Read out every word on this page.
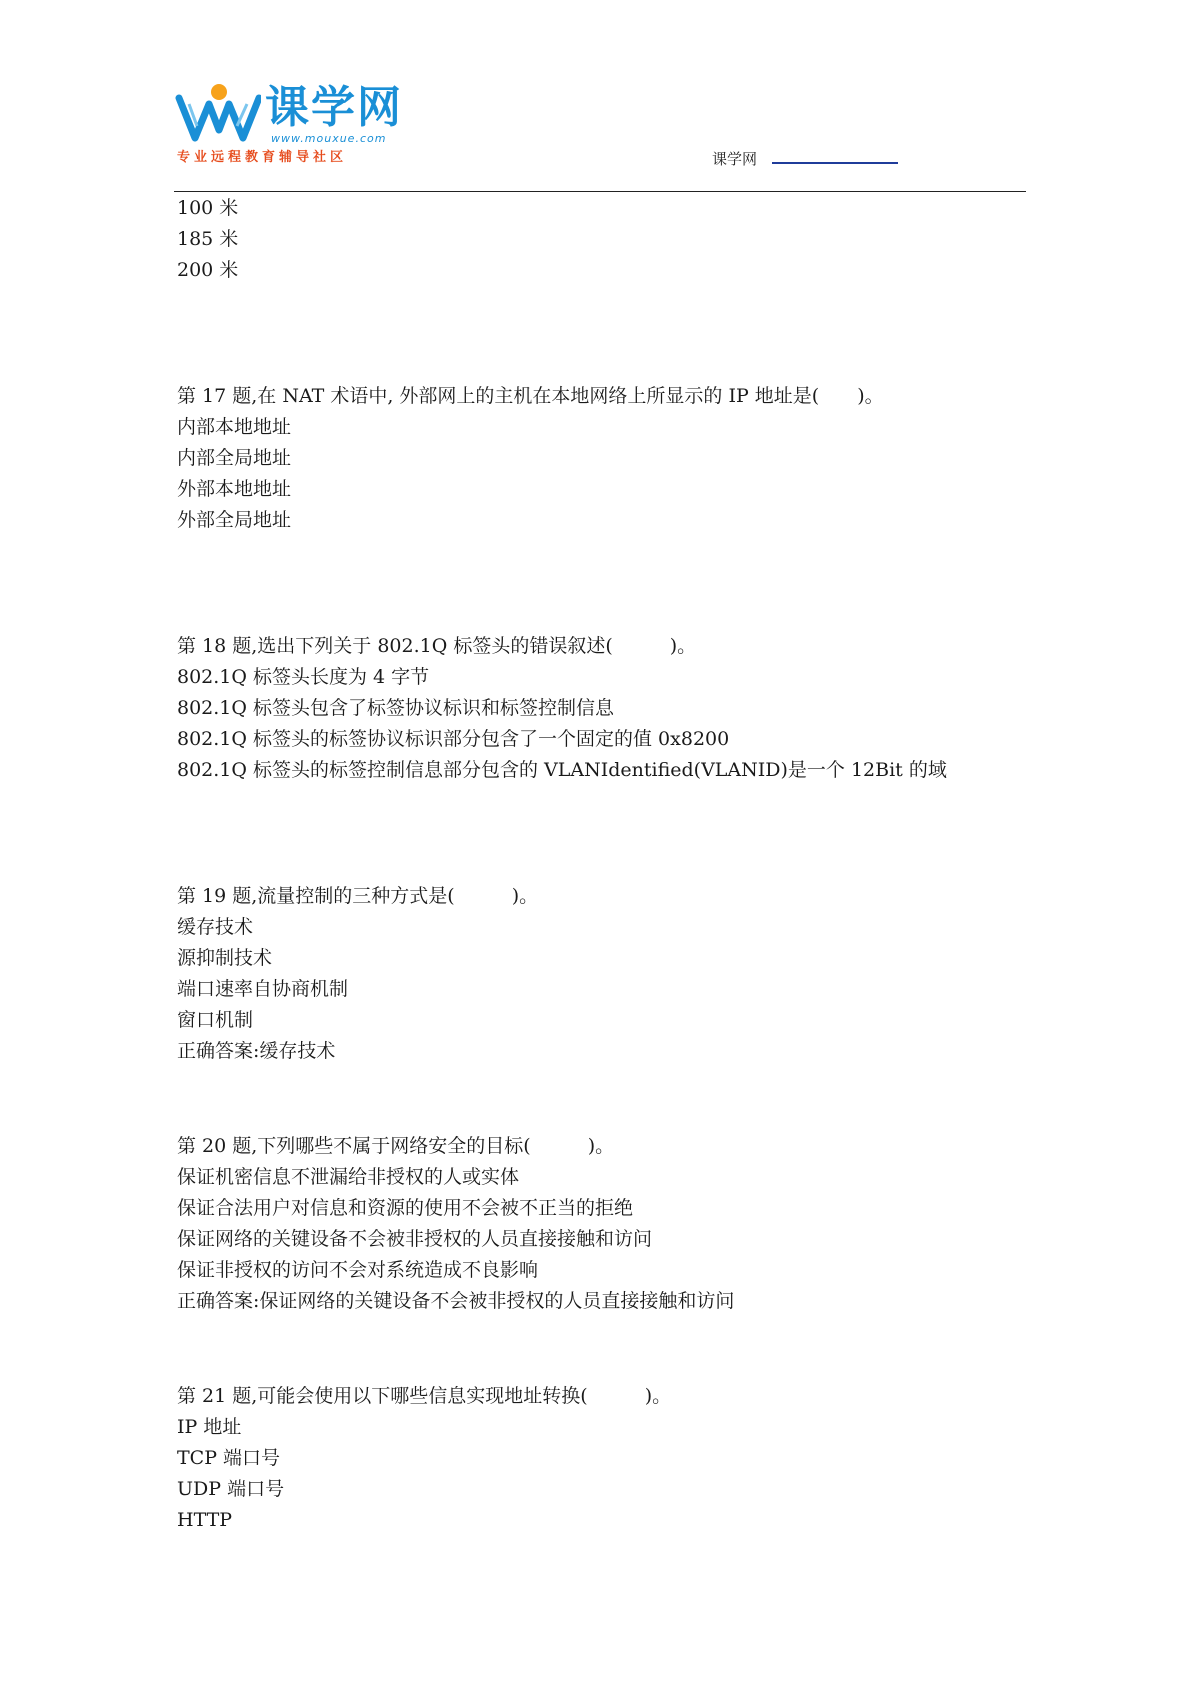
课学网
www.mouxue.com
专业远程教育辅导社区	课学网
100 米
185 米
200 米
第 17 题,在 NAT 术语中, 外部网上的主机在本地网络上所显示的 IP 地址是(　　)。
内部本地地址
内部全局地址
外部本地地址
外部全局地址
第 18 题,选出下列关于 802.1Q 标签头的错误叙述(　　　)。
802.1Q 标签头长度为 4 字节
802.1Q 标签头包含了标签协议标识和标签控制信息
802.1Q 标签头的标签协议标识部分包含了一个固定的值 0x8200
802.1Q 标签头的标签控制信息部分包含的 VLANIdentified(VLANID)是一个 12Bit 的域
第 19 题,流量控制的三种方式是(　　　)。
缓存技术
源抑制技术
端口速率自协商机制
窗口机制
正确答案:缓存技术
第 20 题,下列哪些不属于网络安全的目标(　　　)。
保证机密信息不泄漏给非授权的人或实体
保证合法用户对信息和资源的使用不会被不正当的拒绝
保证网络的关键设备不会被非授权的人员直接接触和访问
保证非授权的访问不会对系统造成不良影响
正确答案:保证网络的关键设备不会被非授权的人员直接接触和访问
第 21 题,可能会使用以下哪些信息实现地址转换(　　　)。
IP 地址
TCP 端口号
UDP 端口号
HTTP
